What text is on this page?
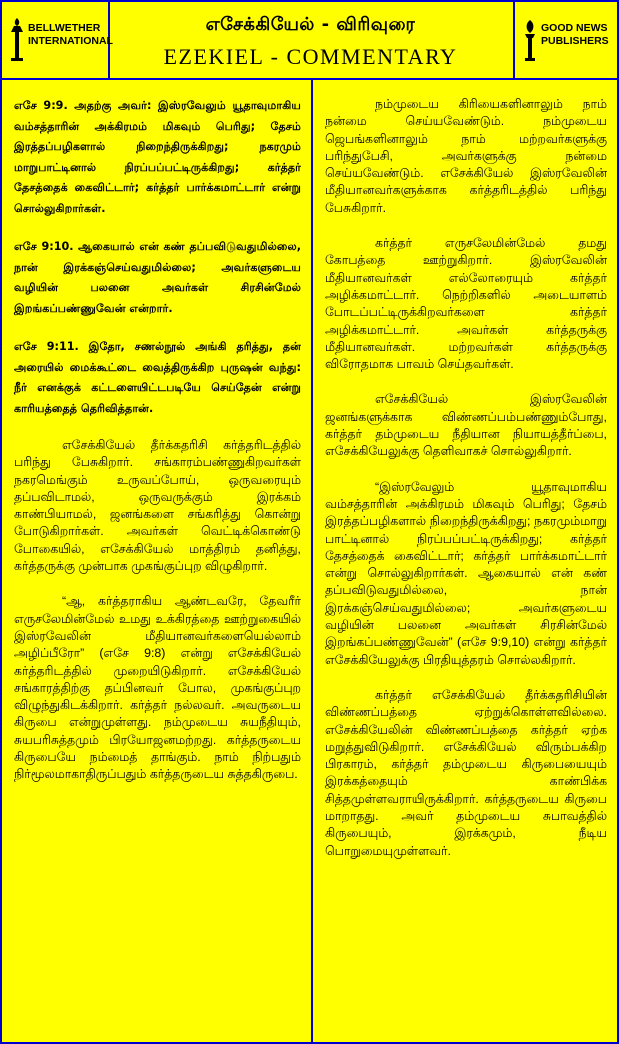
BELLWETHER INTERNATIONAL
எசேக்கியேல் - விரிவுரை
EZEKIEL - COMMENTARY
GOOD NEWS PUBLISHERS

எசே 9:9. அதற்கு அவர்: இஸ்ரவேலும் யூதாவுமாகிய வம்சத்தாரின் அக்கிரமம் மிகவும் பெரிது; தேசம் இரத்தப்பழிகளால் நிறைந்திருக்கிறது; நகரமும் மாறுபாட்டினால் நிரப்பப்பட்டிருக்கிறது; கர்த்தர் தேசத்தைக் கைவிட்டார்; கர்த்தர் பார்க்கமாட்டார் என்று சொல்லுகிறார்கள்.

எசே 9:10. ஆகையால் என் கண் தப்பவிடுவதுமில்லை, நான் இரக்கஞ்செய்வதுமில்லை; அவர்களுடைய வழியின் பலனை அவர்கள் சிரசின்மேல் இறங்கப்பண்ணுவேன் என்றார்.

எசே 9:11. இதோ, சணல்நூல் அங்கி தரித்து, தன் அரையில் மைக்கூட்டை வைத்திருக்கிற புருஷன் வந்து: நீர் எனக்குக் கட்டளையிட்டபடியே செய்தேன் என்று காரியத்தைத் தெரிவித்தான்.

எசேக்கியேல் தீர்க்கதரிசி கர்த்தரிடத்தில் பரிந்து பேசுகிறார். சங்காரம்பண்ணுகிறவர்கள் நகரமெங்கும் உருவப்போய், ஒருவரையும் தப்பவிடாமல், ஒருவருக்கும் இரக்கம் காண்பியாமல், ஜனங்களை சங்கரித்து கொன்று போடுகிறார்கள். அவர்கள் வெட்டிக்கொண்டு போகையில், எசேக்கியேல் மாத்திரம் தனித்து, கர்த்தருக்கு முன்பாக முகங்குப்புற விழுகிறார்.

“ஆ, கர்த்தராகிய ஆண்டவரே, தேவரீர் எருசலேமின்மேல் உமது உக்கிரத்தை ஊற்றுகையில் இஸ்ரவேலின் மீதியானவர்களையெல்லாம் அழிப்பீரோ” (எசே 9:8) என்று எசேக்கியேல் கர்த்தரிடத்தில் முறையிடுகிறார். எசேக்கியேல் சங்காரத்திற்கு தப்பினவர் போல, முகங்குப்புற விழுந்துகிடக்கிறார். கர்த்தர் நல்லவர். அவருடைய கிருபை என்றுமுள்ளது. நம்முடைய சுயநீதியும், சுயபரிசுத்தமும் பிரயோஜனமற்றது. கர்த்தருடைய கிருபையே நம்மைத் தாங்கும். நாம் நிற்பதும் நிர்மூலமாகாதிருப்பதும் கர்த்தருடைய சுத்தகிருபை.

நம்முடைய கிரியைகளினாலும் நாம் நன்மை செய்யவேண்டும். நம்முடைய ஜெபங்களினாலும் நாம் மற்றவர்களுக்கு பரிந்துபேசி, அவர்களுக்கு நன்மை செய்யவேண்டும். எசேக்கியேல் இஸ்ரவேலின் மீதியானவர்களுக்காக கர்த்தரிடத்தில் பரிந்து பேசுகிறார்.

கர்த்தர் எருசலேமின்மேல் தமது கோபத்தை ஊற்றுகிறார். இஸ்ரவேலின் மீதியானவர்கள் எல்லோரையும் கர்த்தர் அழிக்கமாட்டார். நெற்றிகளில் அடையாளம் போடப்பட்டிருக்கிறவர்களை கர்த்தர் அழிக்கமாட்டார். அவர்கள் கர்த்தருக்கு மீதியானவர்கள். மற்றவர்கள் கர்த்தருக்கு விரோதமாக பாவம் செய்தவர்கள்.

எசேக்கியேல் இஸ்ரவேலின் ஜனங்களுக்காக விண்ணப்பம்பண்ணும்போது, கர்த்தர் தம்முடைய நீதியான நியாயத்தீர்ப்பை, எசேக்கியேலுக்கு தெளிவாகச் சொல்லுகிறார்.

“இஸ்ரவேலும் யூதாவுமாகிய வம்சத்தாரின் அக்கிரமம் மிகவும் பெரிது; தேசம் இரத்தப்பழிகளால் நிறைந்திருக்கிறது; நகரமும்மாறு பாட்டினால் நிரப்பப்பட்டிருக்கிறது; கர்த்தர் தேசத்தைக் கைவிட்டார்; கர்த்தர் பார்க்கமாட்டார் என்று சொல்லுகிறார்கள். ஆகையால் என் கண் தப்பவிடுவதுமில்லை, நான் இரக்கஞ்செய்வதுமில்லை; அவர்களுடைய வழியின் பலனை அவர்கள் சிரசின்மேல் இறங்கப்பண்ணுவேன்” (எசே 9:9,10) என்று கர்த்தர் எசேக்கியேலுக்கு பிரதியுத்தரம் சொல்லகிறார்.

கர்த்தர் எசேக்கியேல் தீர்க்கதரிசியின் விண்ணப்பத்தை ஏற்றுக்கொள்ளவில்லை. எசேக்கியேலின் விண்ணப்பத்தை கர்த்தர் ஏற்க மறுத்துவிடுகிறார். எசேக்கியேல் விரும்பக்கிற பிரகாரம், கர்த்தர் தம்முடைய கிருபையையும் இரக்கத்தையும் காண்பிக்க சித்தமுள்ளவராயிருக்கிறார். கர்த்தருடைய கிருபை மாறாதது. அவர் தம்முடைய சுபாவத்தில் கிருபையும், இரக்கமும், நீடிய பொறுமையுமுள்ளவர்.
